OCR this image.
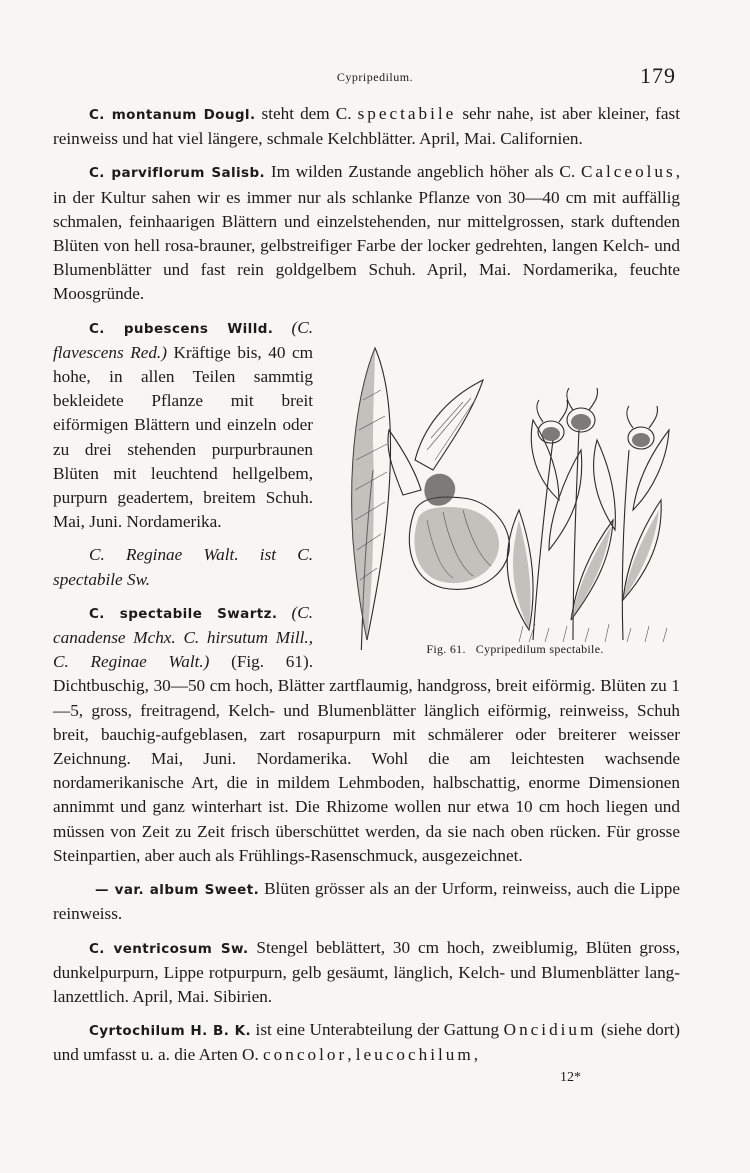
Cypripedilum.	179

C. montanum Dougl. steht dem C. spectabile sehr nahe, ist aber kleiner, fast reinweiss und hat viel längere, schmale Kelchblätter. April, Mai. Californien.

C. parviflorum Salisb. Im wilden Zustande angeblich höher als C. Calceolus, in der Kultur sahen wir es immer nur als schlanke Pflanze von 30—40 cm mit auffällig schmalen, feinhaarigen Blättern und einzelstehenden, nur mittelgrossen, stark duftenden Blüten von hell rosa-brauner, gelbstreifiger Farbe der locker gedrehten, langen Kelch- und Blumenblätter und fast rein goldgelbem Schuh. April, Mai. Nordamerika, feuchte Moosgründe.

Fig. 61. Cypripedilum spectabile.

C. pubescens Willd. (C. flavescens Red.) Kräftige bis, 40 cm hohe, in allen Teilen sammtig bekleidete Pflanze mit breit eiförmigen Blättern und einzeln oder zu drei stehenden purpurbraunen Blüten mit leuchtend hellgelbem, purpurn geadertem, breitem Schuh. Mai, Juni. Nordamerika.

C. Reginae Walt. ist C. spectabile Sw.

C. spectabile Swartz. (C. canadense Mchx. C. hirsutum Mill., C. Reginae Walt.) (Fig. 61). Dichtbuschig, 30—50 cm hoch, Blätter zartflaumig, handgross, breit eiförmig. Blüten zu 1—5, gross, freitragend, Kelch- und Blumenblätter länglich eiförmig, reinweiss, Schuh breit, bauchig-aufgeblasen, zart rosapurpurn mit schmälerer oder breiterer weisser Zeichnung. Mai, Juni. Nordamerika. Wohl die am leichtesten wachsende nordamerikanische Art, die in mildem Lehmboden, halbschattig, enorme Dimensionen annimmt und ganz winterhart ist. Die Rhizome wollen nur etwa 10 cm hoch liegen und müssen von Zeit zu Zeit frisch überschüttet werden, da sie nach oben rücken. Für grosse Steinpartien, aber auch als Frühlings-Rasenschmuck, ausgezeichnet.

— var. album Sweet. Blüten grösser als an der Urform, reinweiss, auch die Lippe reinweiss.

C. ventricosum Sw. Stengel beblättert, 30 cm hoch, zweiblumig, Blüten gross, dunkelpurpurn, Lippe rotpurpurn, gelb gesäumt, länglich, Kelch- und Blumenblätter lang-lanzettlich. April, Mai. Sibirien.

Cyrtochilum H. B. K. ist eine Unterabteilung der Gattung Oncidium (siehe dort) und umfasst u. a. die Arten O. concolor, leucochilum,

12*
